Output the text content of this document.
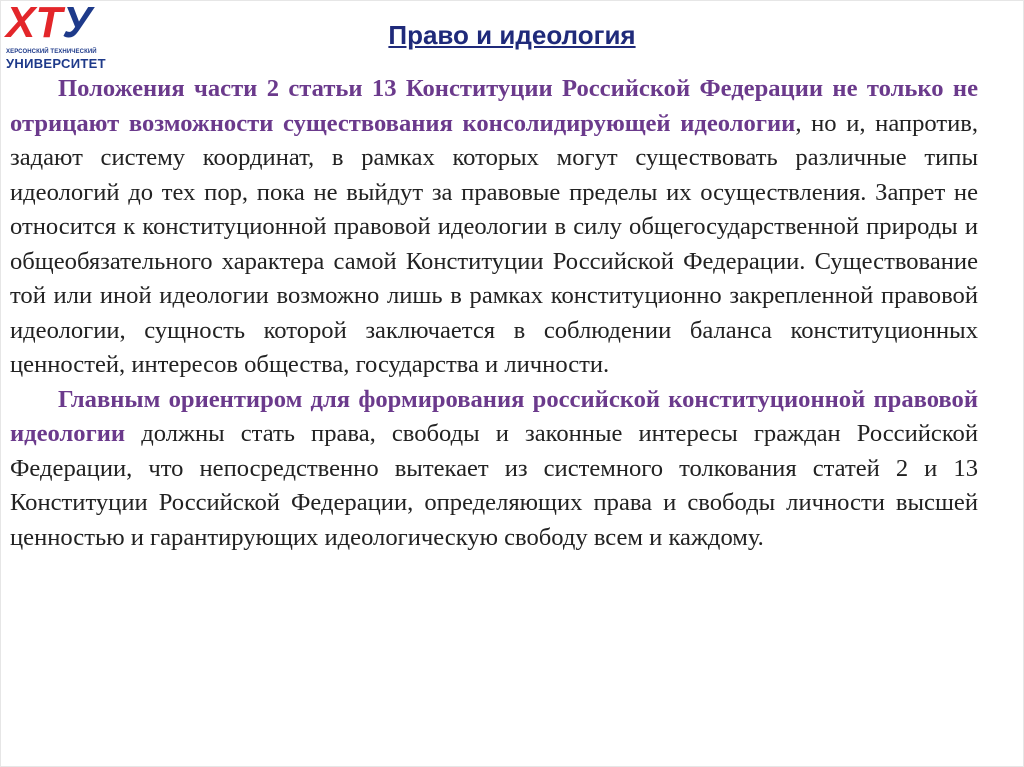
Х Т У
ХЕРСОНСКИЙ ТЕХНИЧЕСКИЙ
УНИВЕРСИТЕТ
Право и идеология

Положения части 2 статьи 13 Конституции Российской Федерации не только не отрицают возможности существования консолидирующей идеологии, но и, напротив, задают систему координат, в рамках которых могут существовать различные типы идеологий до тех пор, пока не выйдут за правовые пределы их осуществления. Запрет не относится к конституционной правовой идеологии в силу общегосударственной природы и общеобязательного характера самой Конституции Российской Федерации. Существование той или иной идеологии возможно лишь в рамках конституционно закрепленной правовой идеологии, сущность которой заключается в соблюдении баланса конституционных ценностей, интересов общества, государства и личности.

Главным ориентиром для формирования российской конституционной правовой идеологии должны стать права, свободы и законные интересы граждан Российской Федерации, что непосредственно вытекает из системного толкования статей 2 и 13 Конституции Российской Федерации, определяющих права и свободы личности высшей ценностью и гарантирующих идеологическую свободу всем и каждому.
